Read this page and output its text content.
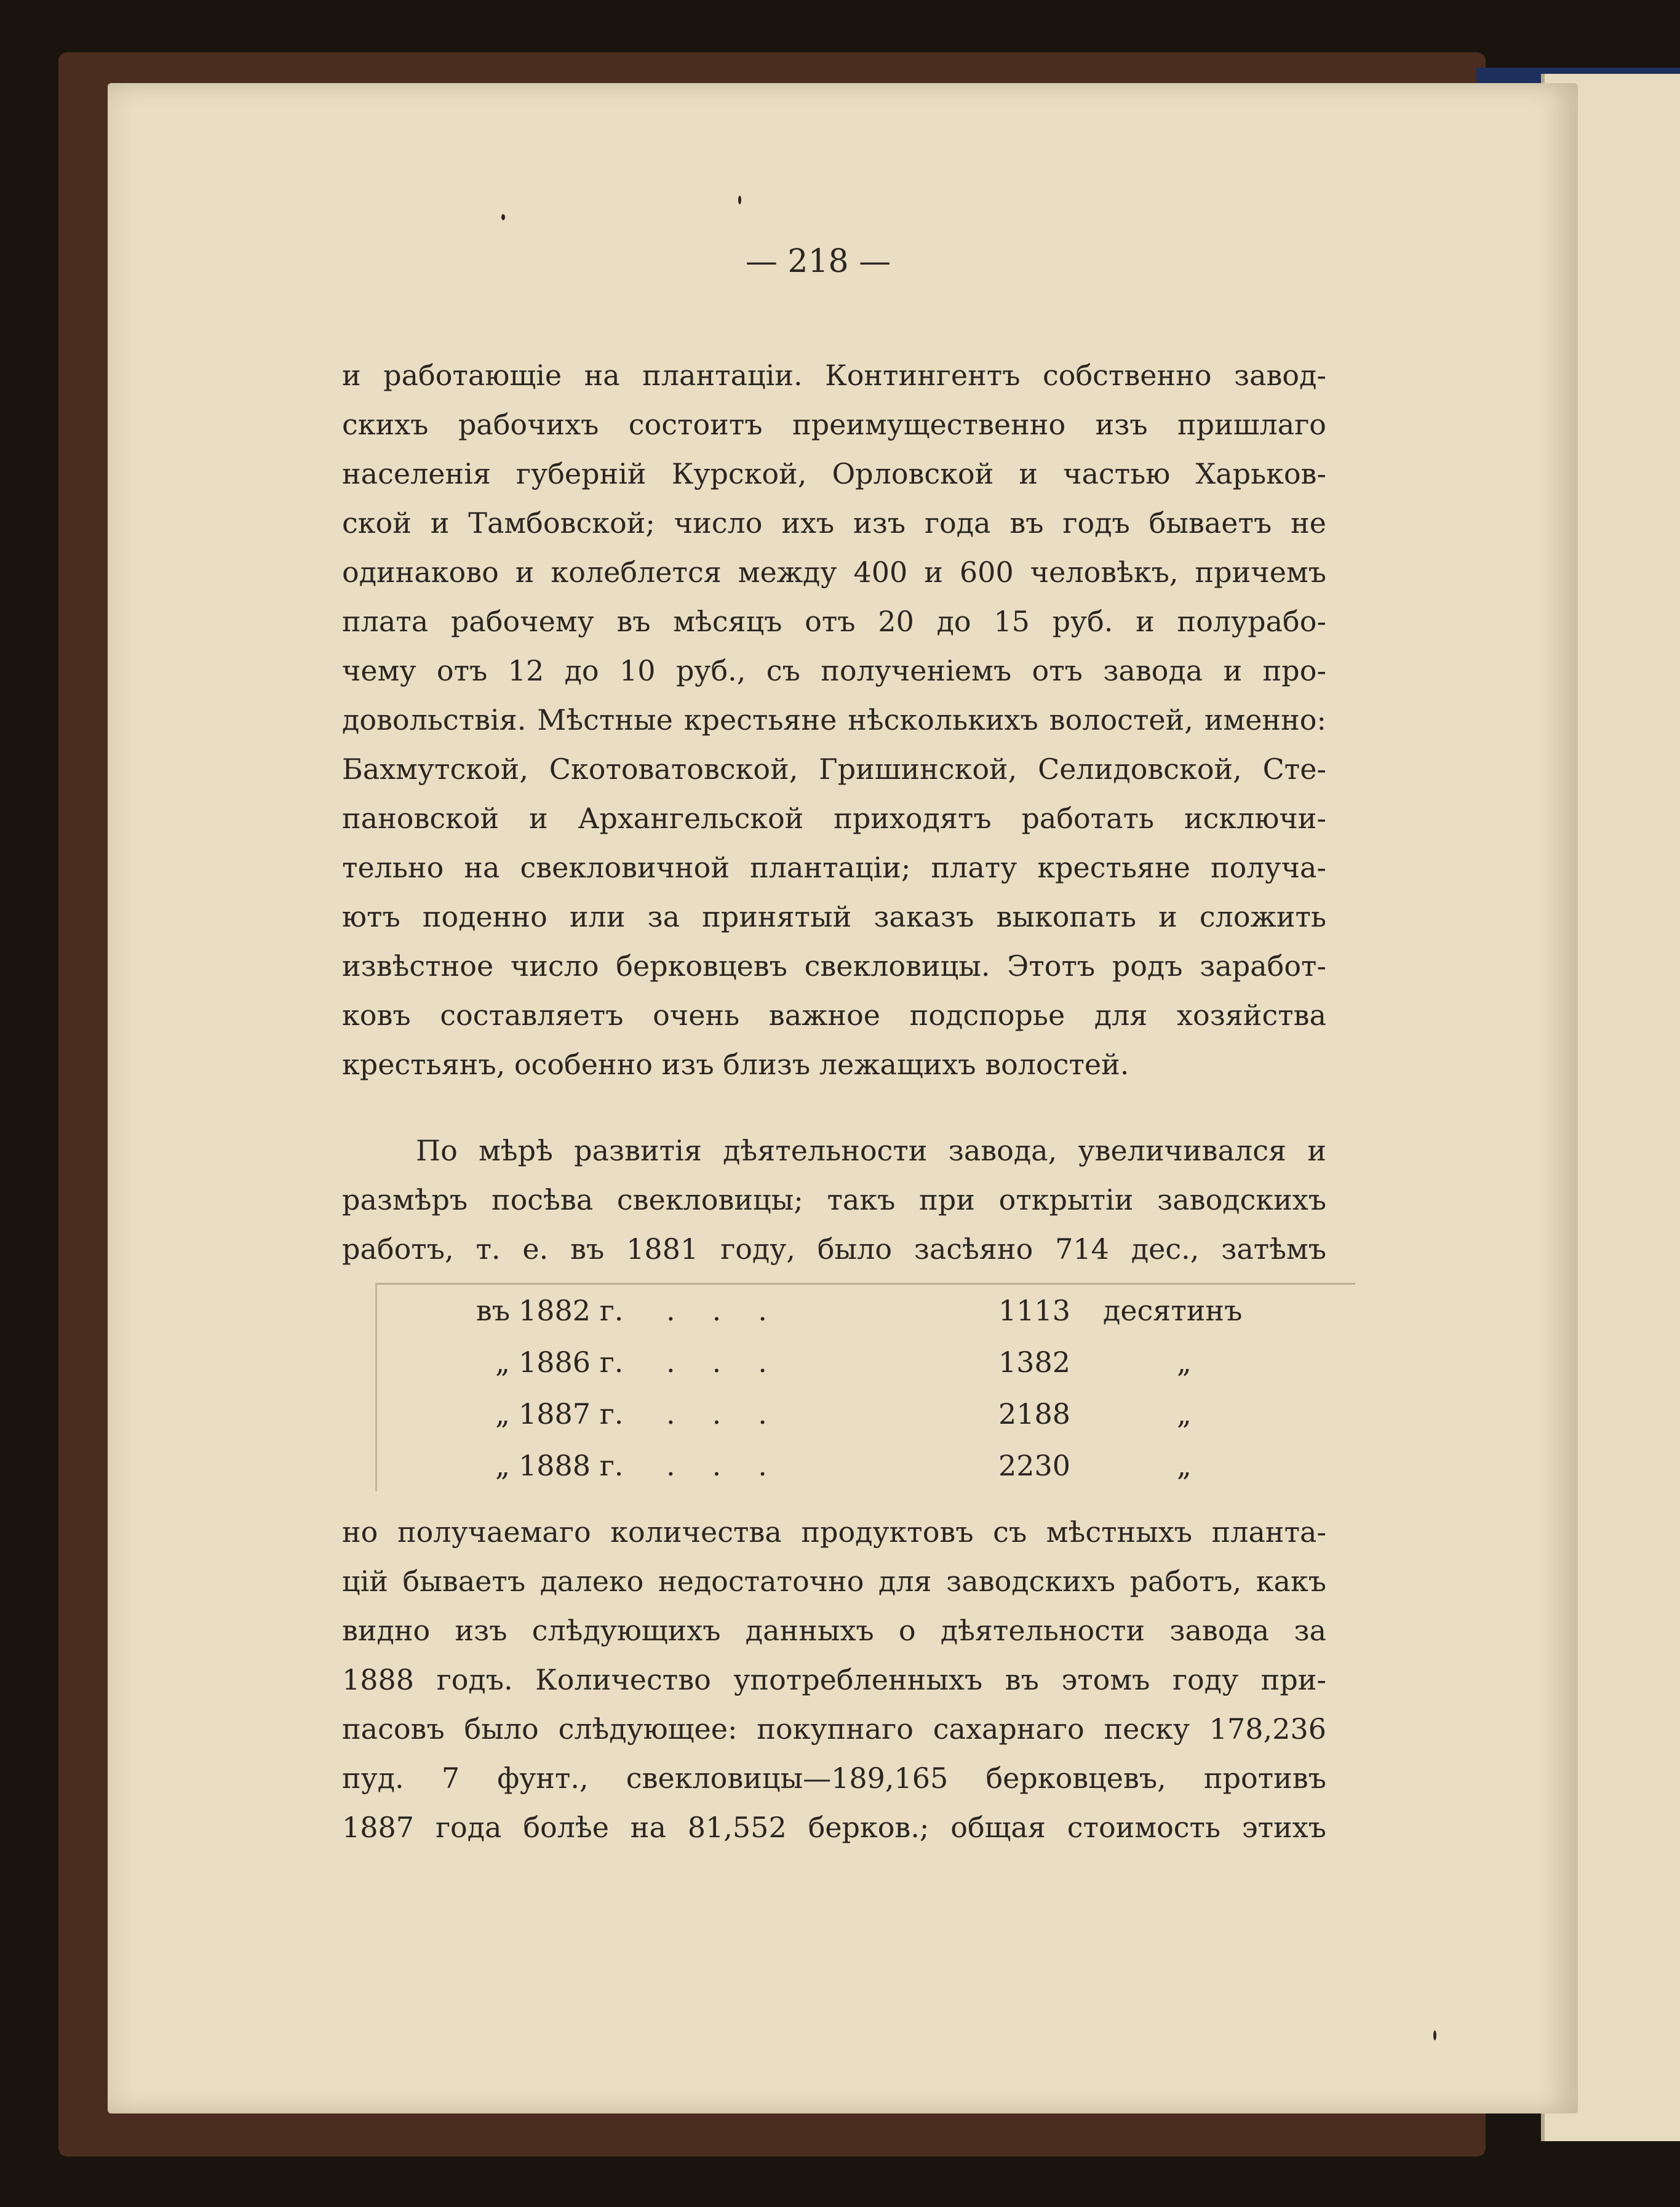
— 218 —
и работающіе на плантаціи. Контингентъ собственно завод-
скихъ рабочихъ состоитъ преимущественно изъ пришлаго
населенія губерній Курской, Орловской и частью Харьков-
ской и Тамбовской; число ихъ изъ года въ годъ бываетъ не
одинаково и колеблется между 400 и 600 человѣкъ, причемъ
плата рабочему въ мѣсяцъ отъ 20 до 15 руб. и полурабо-
чему отъ 12 до 10 руб., съ полученіемъ отъ завода и про-
довольствія. Мѣстные крестьяне нѣсколькихъ волостей, именно:
Бахмутской, Скотоватовской, Гришинской, Селидовской, Сте-
пановской и Архангельской приходятъ работать исключи-
тельно на свекловичной плантаціи; плату крестьяне получа-
ютъ поденно или за принятый заказъ выкопать и сложить
извѣстное число берковцевъ свекловицы. Этотъ родъ заработ-
ковъ составляетъ очень важное подспорье для хозяйства
крестьянъ, особенно изъ близъ лежащихъ волостей.
По мѣрѣ развитія дѣятельности завода, увеличивался и
размѣръ посѣва свекловицы; такъ при открытіи заводскихъ
работъ, т. е. въ 1881 году, было засѣяно 714 дес., затѣмъ
въ 1882 г.	...	1113	десятинъ
„ 1886 г.	...	1382	„
„ 1887 г.	...	2188	„
„ 1888 г.	...	2230	„
но получаемаго количества продуктовъ съ мѣстныхъ планта-
цій бываетъ далеко недостаточно для заводскихъ работъ, какъ
видно изъ слѣдующихъ данныхъ о дѣятельности завода за
1888 годъ. Количество употребленныхъ въ этомъ году при-
пасовъ было слѣдующее: покупнаго сахарнаго песку 178,236
пуд. 7 фунт., свекловицы—189,165 берковцевъ, противъ
1887 года болѣе на 81,552 берков.; общая стоимость этихъ
